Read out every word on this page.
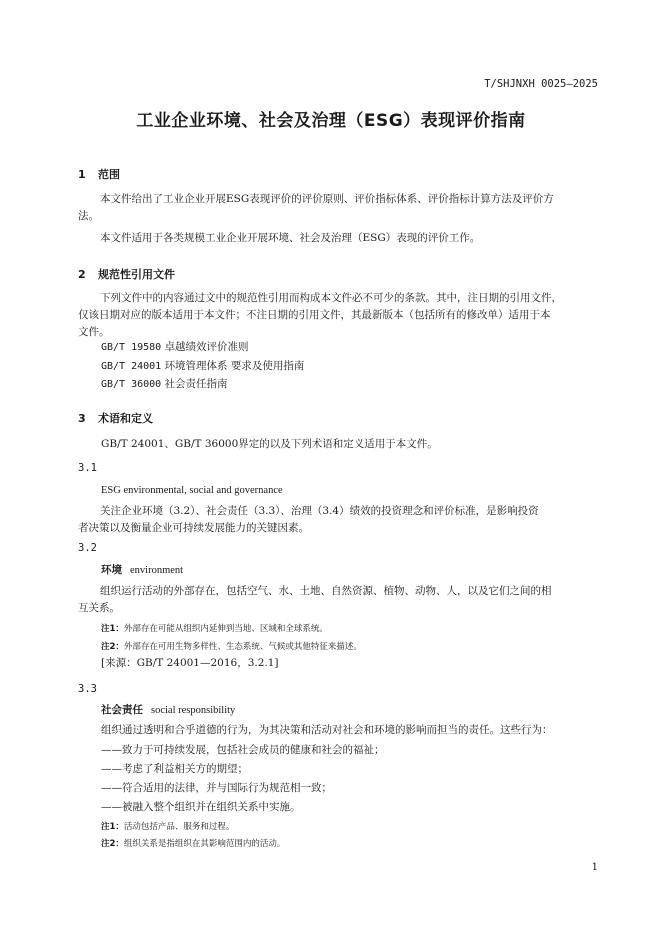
T/SHJNXH 0025—2025
工业企业环境、社会及治理（ESG）表现评价指南
1 范围
本文件给出了工业企业开展ESG表现评价的评价原则、评价指标体系、评价指标计算方法及评价方
法。
本文件适用于各类规模工业企业开展环境、社会及治理（ESG）表现的评价工作。
2 规范性引用文件
下列文件中的内容通过文中的规范性引用而构成本文件必不可少的条款。其中，注日期的引用文件，
仅该日期对应的版本适用于本文件；不注日期的引用文件，其最新版本（包括所有的修改单）适用于本
文件。
GB/T 19580 卓越绩效评价准则
GB/T 24001 环境管理体系 要求及使用指南
GB/T 36000 社会责任指南
3 术语和定义
GB/T 24001、GB/T 36000界定的以及下列术语和定义适用于本文件。
3.1
ESG environmental, social and governance
关注企业环境（3.2）、社会责任（3.3）、治理（3.4）绩效的投资理念和评价标准，是影响投资
者决策以及衡量企业可持续发展能力的关键因素。
3.2
环境 environment
组织运行活动的外部存在，包括空气、水、土地、自然资源、植物、动物、人，以及它们之间的相
互关系。
注1：外部存在可能从组织内延伸到当地、区域和全球系统。
注2：外部存在可用生物多样性、生态系统、气候或其他特征来描述。
[来源：GB/T 24001—2016，3.2.1]
3.3
社会责任 social responsibility
组织通过透明和合乎道德的行为，为其决策和活动对社会和环境的影响而担当的责任。这些行为：
——致力于可持续发展，包括社会成员的健康和社会的福祉；
——考虑了利益相关方的期望；
——符合适用的法律，并与国际行为规范相一致；
——被融入整个组织并在组织关系中实施。
注1：活动包括产品、服务和过程。
注2：组织关系是指组织在其影响范围内的活动。
1
